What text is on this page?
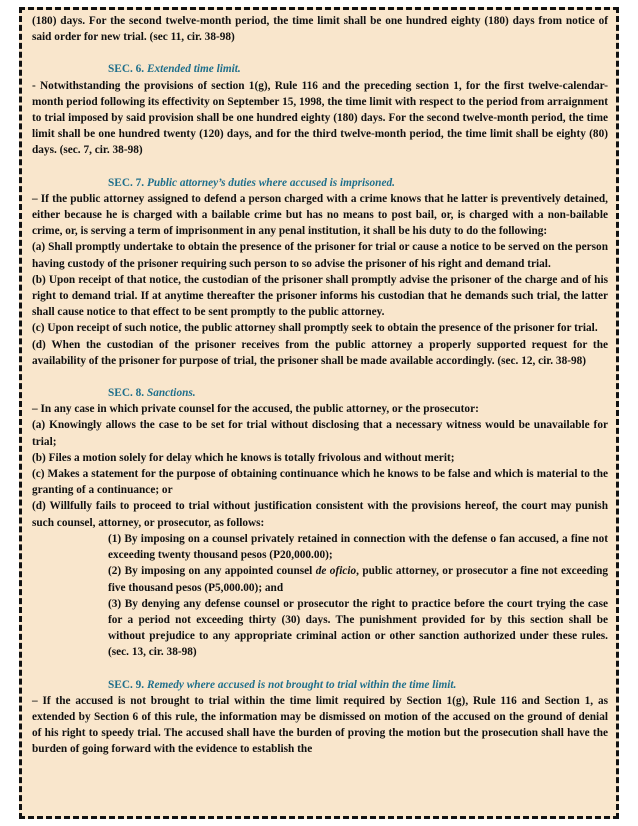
(180) days. For the second twelve-month period, the time limit shall be one hundred eighty (180) days from notice of said order for new trial. (sec 11, cir. 38-98)

SEC. 6. Extended time limit.

- Notwithstanding the provisions of section 1(g), Rule 116 and the preceding section 1, for the first twelve-calendar-month period following its effectivity on September 15, 1998, the time limit with respect to the period from arraignment to trial imposed by said provision shall be one hundred eighty (180) days. For the second twelve-month period, the time limit shall be one hundred twenty (120) days, and for the third twelve-month period, the time limit shall be eighty (80) days. (sec. 7, cir. 38-98)

SEC. 7. Public attorney’s duties where accused is imprisoned.

– If the public attorney assigned to defend a person charged with a crime knows that he latter is preventively detained, either because he is charged with a bailable crime but has no means to post bail, or, is charged with a non-bailable crime, or, is serving a term of imprisonment in any penal institution, it shall be his duty to do the following:

(a) Shall promptly undertake to obtain the presence of the prisoner for trial or cause a notice to be served on the person having custody of the prisoner requiring such person to so advise the prisoner of his right and demand trial.

(b) Upon receipt of that notice, the custodian of the prisoner shall promptly advise the prisoner of the charge and of his right to demand trial. If at anytime thereafter the prisoner informs his custodian that he demands such trial, the latter shall cause notice to that effect to be sent promptly to the public attorney.

(c) Upon receipt of such notice, the public attorney shall promptly seek to obtain the presence of the prisoner for trial.

(d) When the custodian of the prisoner receives from the public attorney a properly supported request for the availability of the prisoner for purpose of trial, the prisoner shall be made available accordingly. (sec. 12, cir. 38-98)

SEC. 8. Sanctions.

– In any case in which private counsel for the accused, the public attorney, or the prosecutor:

(a) Knowingly allows the case to be set for trial without disclosing that a necessary witness would be unavailable for trial;

(b) Files a motion solely for delay which he knows is totally frivolous and without merit;

(c) Makes a statement for the purpose of obtaining continuance which he knows to be false and which is material to the granting of a continuance; or

(d) Willfully fails to proceed to trial without justification consistent with the provisions hereof, the court may punish such counsel, attorney, or prosecutor, as follows:

(1) By imposing on a counsel privately retained in connection with the defense o fan accused, a fine not exceeding twenty thousand pesos (P20,000.00);

(2) By imposing on any appointed counsel de oficio, public attorney, or prosecutor a fine not exceeding five thousand pesos (P5,000.00); and

(3) By denying any defense counsel or prosecutor the right to practice before the court trying the case for a period not exceeding thirty (30) days. The punishment provided for by this section shall be without prejudice to any appropriate criminal action or other sanction authorized under these rules. (sec. 13, cir. 38-98)

SEC. 9. Remedy where accused is not brought to trial within the time limit.

– If the accused is not brought to trial within the time limit required by Section 1(g), Rule 116 and Section 1, as extended by Section 6 of this rule, the information may be dismissed on motion of the accused on the ground of denial of his right to speedy trial. The accused shall have the burden of proving the motion but the prosecution shall have the burden of going forward with the evidence to establish the
